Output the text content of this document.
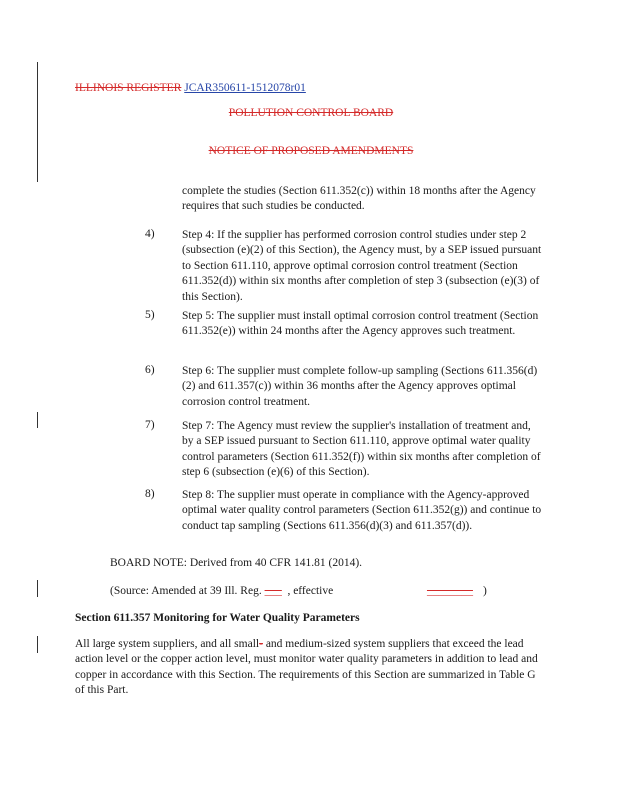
ILLINOIS REGISTER JCAR350611-1512078r01
POLLUTION CONTROL BOARD
NOTICE OF PROPOSED AMENDMENTS
complete the studies (Section 611.352(c)) within 18 months after the Agency requires that such studies be conducted.
4) Step 4: If the supplier has performed corrosion control studies under step 2 (subsection (e)(2) of this Section), the Agency must, by a SEP issued pursuant to Section 611.110, approve optimal corrosion control treatment (Section 611.352(d)) within six months after completion of step 3 (subsection (e)(3) of this Section).
5) Step 5: The supplier must install optimal corrosion control treatment (Section 611.352(e)) within 24 months after the Agency approves such treatment.
6) Step 6: The supplier must complete follow-up sampling (Sections 611.356(d)(2) and 611.357(c)) within 36 months after the Agency approves optimal corrosion control treatment.
7) Step 7: The Agency must review the supplier's installation of treatment and, by a SEP issued pursuant to Section 611.110, approve optimal water quality control parameters (Section 611.352(f)) within six months after completion of step 6 (subsection (e)(6) of this Section).
8) Step 8: The supplier must operate in compliance with the Agency-approved optimal water quality control parameters (Section 611.352(g)) and continue to conduct tap sampling (Sections 611.356(d)(3) and 611.357(d)).
BOARD NOTE: Derived from 40 CFR 141.81 (2014).
(Source: Amended at 39 Ill. Reg. ___ , effective	________ )
Section 611.357 Monitoring for Water Quality Parameters
All large system suppliers, and all small- and medium-sized system suppliers that exceed the lead action level or the copper action level, must monitor water quality parameters in addition to lead and copper in accordance with this Section. The requirements of this Section are summarized in Table G of this Part.
